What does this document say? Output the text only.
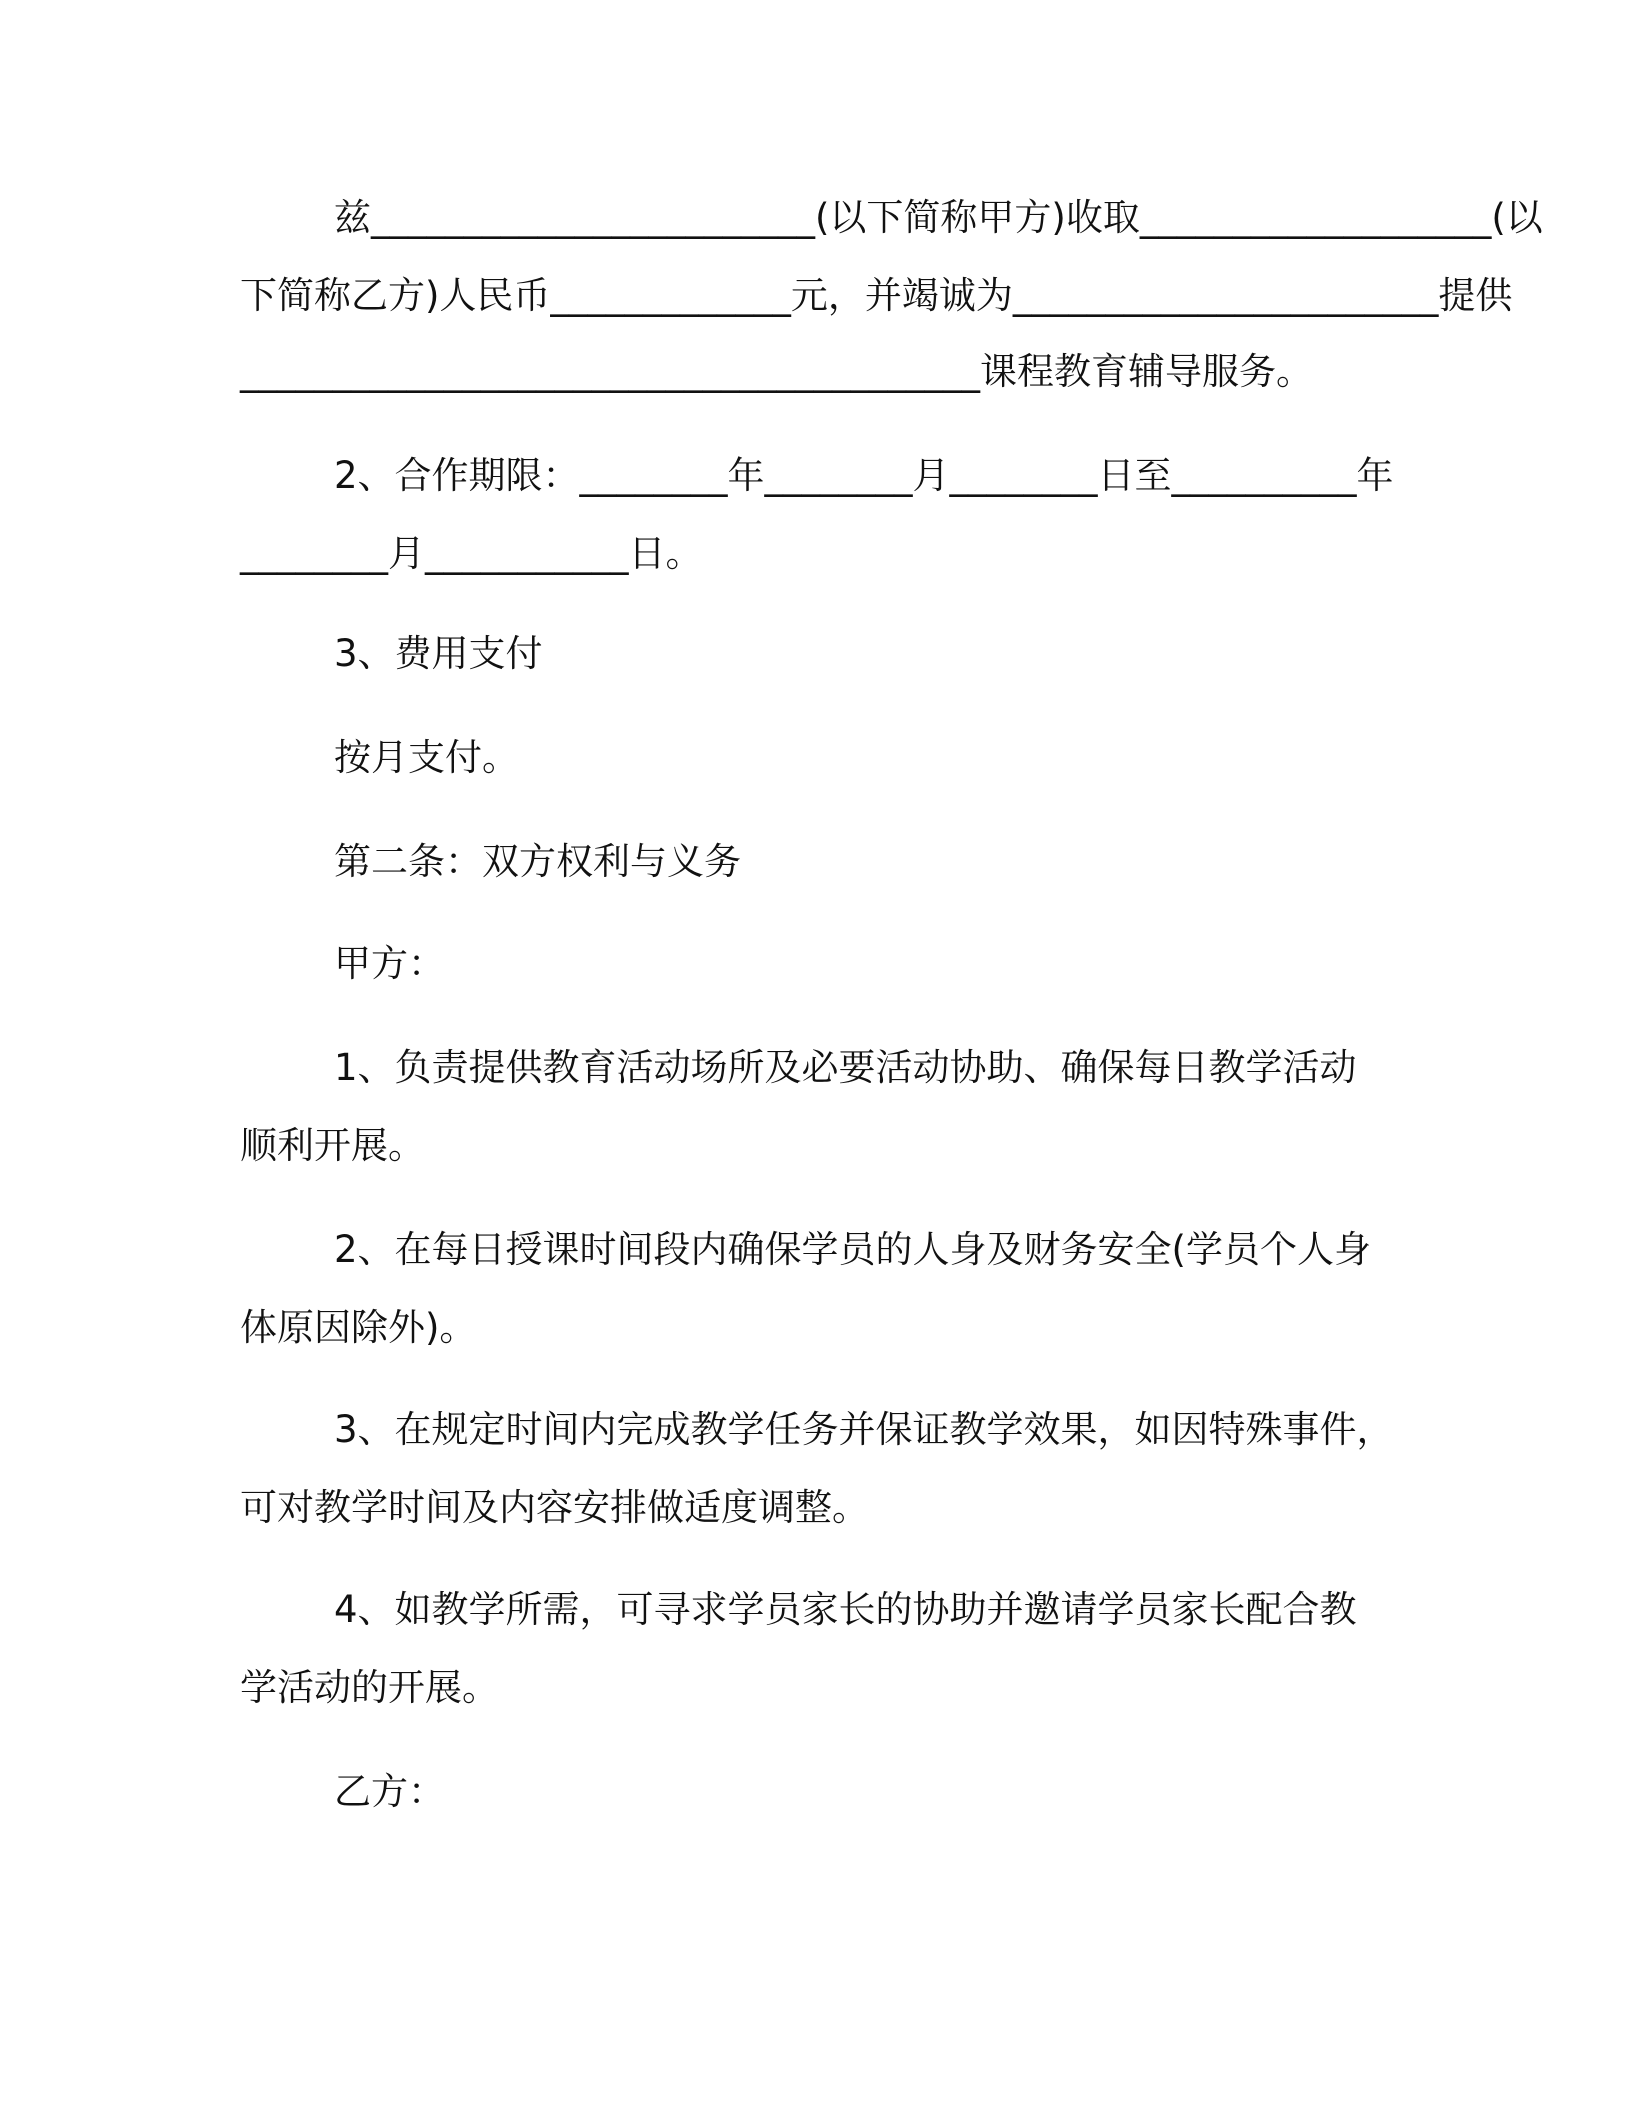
兹________________________(以下简称甲方)收取___________________(以
下简称乙方)人民币_____________元，并竭诚为_______________________提供
________________________________________课程教育辅导服务。
2、合作期限：________年________月________日至__________年
________月___________日。
3、费用支付
按月支付。
第二条：双方权利与义务
甲方：
1、负责提供教育活动场所及必要活动协助、确保每日教学活动
顺利开展。
2、在每日授课时间段内确保学员的人身及财务安全(学员个人身
体原因除外)。
3、在规定时间内完成教学任务并保证教学效果，如因特殊事件，
可对教学时间及内容安排做适度调整。
4、如教学所需，可寻求学员家长的协助并邀请学员家长配合教
学活动的开展。
乙方：
